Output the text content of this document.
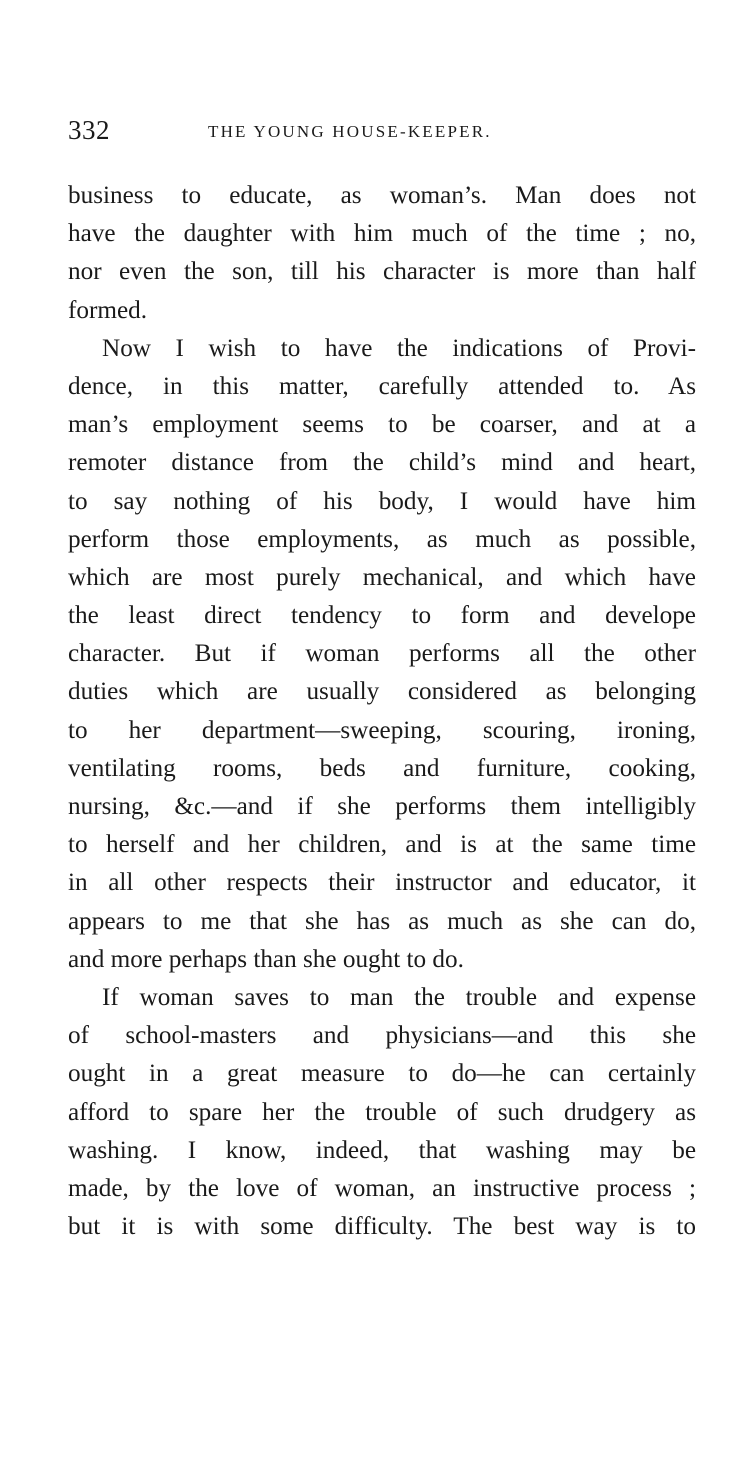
332	THE YOUNG HOUSE-KEEPER.
business to educate, as woman’s. Man does not
have the daughter with him much of the time ; no,
nor even the son, till his character is more than half
formed.
Now I wish to have the indications of Provi-
dence, in this matter, carefully attended to. As
man’s employment seems to be coarser, and at a
remoter distance from the child’s mind and heart,
to say nothing of his body, I would have him
perform those employments, as much as possible,
which are most purely mechanical, and which have
the least direct tendency to form and develope
character. But if woman performs all the other
duties which are usually considered as belonging
to her department—sweeping, scouring, ironing,
ventilating rooms, beds and furniture, cooking,
nursing, &c.—and if she performs them intelligibly
to herself and her children, and is at the same time
in all other respects their instructor and educator, it
appears to me that she has as much as she can do,
and more perhaps than she ought to do.
If woman saves to man the trouble and expense
of school-masters and physicians—and this she
ought in a great measure to do—he can certainly
afford to spare her the trouble of such drudgery as
washing. I know, indeed, that washing may be
made, by the love of woman, an instructive process ;
but it is with some difficulty. The best way is to
